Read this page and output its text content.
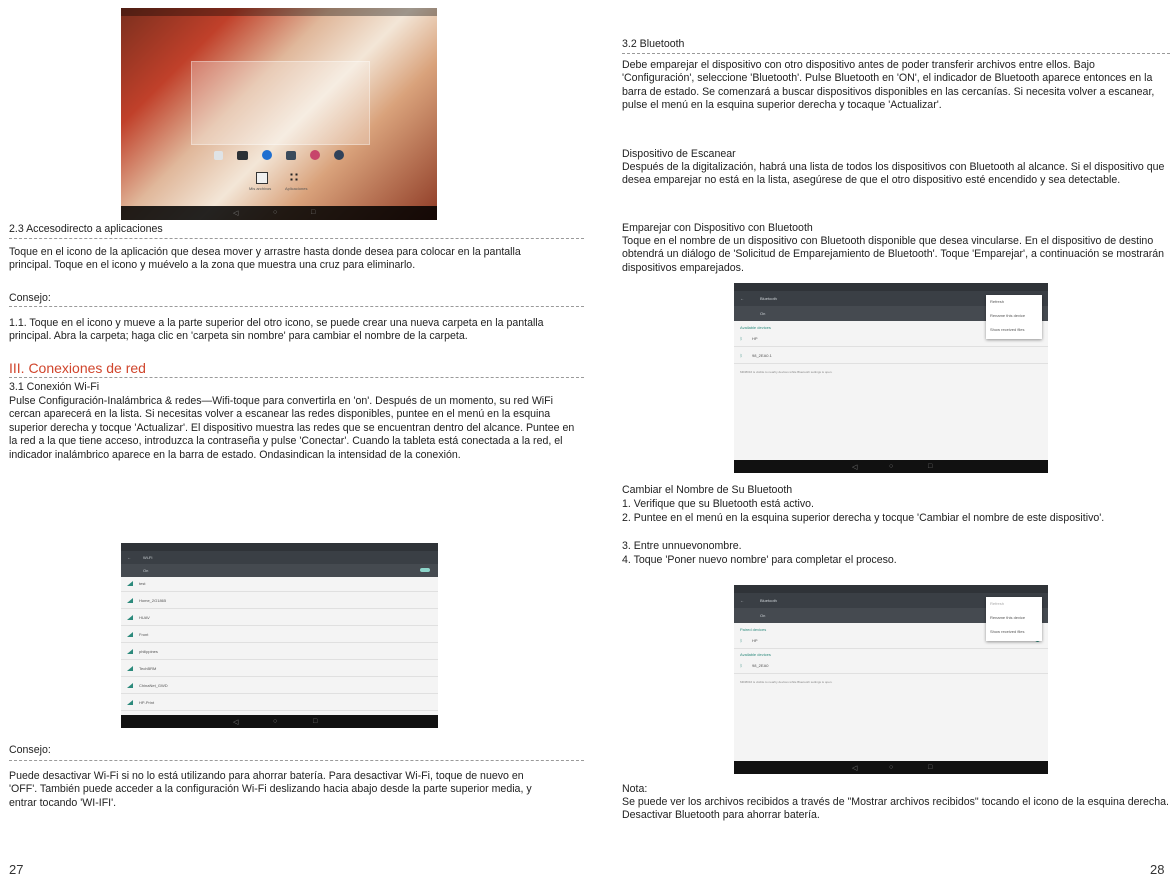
Mis archivos	Aplicaciones
◁	○	□
2.3 Accesodirecto a aplicaciones
Toque en el icono de la aplicación que desea mover y arrastre hasta donde desea para colocar en la pantalla principal. Toque en el icono y muévelo a la zona que muestra una cruz para eliminarlo.
Consejo:
1.1. Toque en el icono y mueve a la parte superior del otro icono, se puede crear una nueva carpeta en la pantalla principal. Abra la carpeta; haga clic en 'carpeta sin nombre' para cambiar el nombre de la carpeta.
III. Conexiones de red
3.1 Conexión Wi-Fi
Pulse Configuración-Inalámbrica & redes—Wifi-toque para convertirla en 'on'. Después de un momento, su red WiFi cercan aparecerá en la lista. Si necesitas volver a escanear las redes disponibles, puntee en el menú en la esquina superior derecha y tocque 'Actualizar'. El dispositivo muestra las redes que se encuentran dentro del alcance. Puntee en la red a la que tiene acceso, introduzca la contraseña y pulse 'Conectar'. Cuando la tableta está conectada a la red, el indicador inalámbrico aparece en la barra de estado. Ondasindican la intensidad de la conexión.
←	Wi-Fi
On
test
Home_2G1865
HUAV
Front
philippines
TechBRM
ChinaNet_GWD
HP-Print
◁	○	□
Consejo:
Puede desactivar Wi-Fi si no lo está utilizando para ahorrar batería. Para desactivar Wi-Fi, toque de nuevo en 'OFF'. También puede acceder a la configuración Wi-Fi deslizando hacia abajo desde la parte superior media, y entrar tocando 'WI-IFI'.
27
3.2 Bluetooth
Debe emparejar el dispositivo con otro dispositivo antes de poder transferir archivos entre ellos. Bajo 'Configuración', seleccione 'Bluetooth'. Pulse Bluetooth en 'ON', el indicador de Bluetooth aparece entonces en la barra de estado. Se comenzará a buscar dispositivos disponibles en las cercanías. Si necesita volver a escanear, pulse el menú en la esquina superior derecha y tocaque 'Actualizar'.
Dispositivo de Escanear
Después de la digitalización, habrá una lista de todos los dispositivos con Bluetooth al alcance. Si el dispositivo que desea emparejar no está en la lista, asegúrese de que el otro dispositivo esté encendido y sea detectable.
Emparejar con Dispositivo con Bluetooth
Toque en el nombre de un dispositivo con Bluetooth disponible que desea vincularse. En el dispositivo de destino obtendrá un diálogo de 'Solicitud de Emparejamiento de Bluetooth'. Toque 'Emparejar', a continuación se mostrarán dispositivos emparejados.
←	Bluetooth
On
Available devices
ᛒ HP
ᛒ 98_2EA0.1
MID8016 is visible to nearby devices while Bluetooth settings is open.
Refresh
Rename this device
Show received files
◁	○	□
Cambiar el Nombre de Su Bluetooth
1. Verifique que su Bluetooth está activo.
2. Puntee en el menú en la esquina superior derecha y tocque 'Cambiar el nombre de este dispositivo'.
3. Entre unnuevonombre.
4. Toque 'Poner nuevo nombre' para completar el proceso.
←	Bluetooth
On
Paired devices
ᛒ HP
Available devices
ᛒ 98_2EA0
MID8016 is visible to nearby devices while Bluetooth settings is open.
Refresh
Rename this device
Show received files
◁	○	□
Nota:
Se puede ver los archivos recibidos a través de "Mostrar archivos recibidos" tocando el icono de la esquina derecha. Desactivar Bluetooth para ahorrar batería.
28
